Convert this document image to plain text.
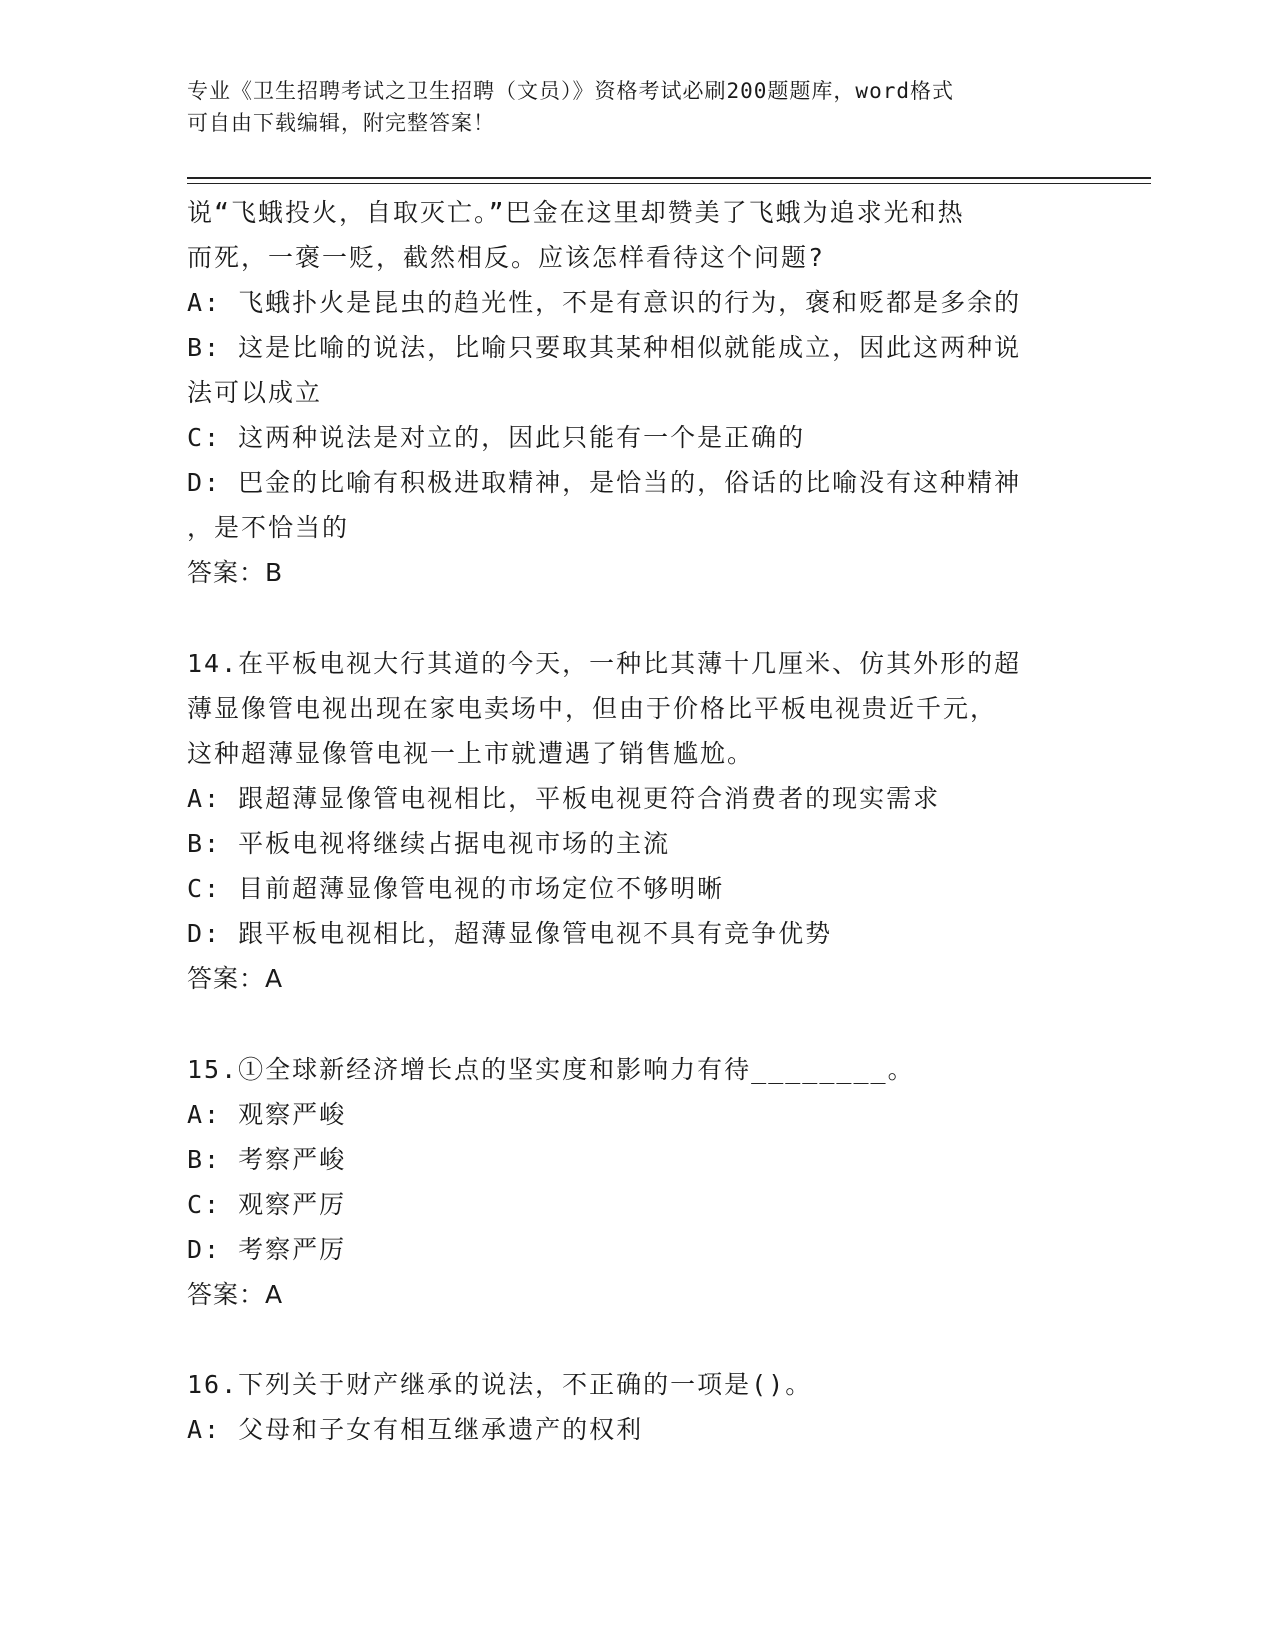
专业《卫生招聘考试之卫生招聘（文员）》资格考试必刷200题题库，word格式
可自由下载编辑，附完整答案！
说“飞蛾投火，自取灭亡。”巴金在这里却赞美了飞蛾为追求光和热
而死，一褒一贬，截然相反。应该怎样看待这个问题?
A: 飞蛾扑火是昆虫的趋光性，不是有意识的行为，褒和贬都是多余的
B: 这是比喻的说法，比喻只要取其某种相似就能成立，因此这两种说
法可以成立
C: 这两种说法是对立的，因此只能有一个是正确的
D: 巴金的比喻有积极进取精神，是恰当的，俗话的比喻没有这种精神
，是不恰当的
答案：B
14.在平板电视大行其道的今天，一种比其薄十几厘米、仿其外形的超
薄显像管电视出现在家电卖场中，但由于价格比平板电视贵近千元，
这种超薄显像管电视一上市就遭遇了销售尴尬。
A: 跟超薄显像管电视相比，平板电视更符合消费者的现实需求
B: 平板电视将继续占据电视市场的主流
C: 目前超薄显像管电视的市场定位不够明晰
D: 跟平板电视相比，超薄显像管电视不具有竞争优势
答案：A
15.①全球新经济增长点的坚实度和影响力有待________。
A: 观察严峻
B: 考察严峻
C: 观察严厉
D: 考察严厉
答案：A
16.下列关于财产继承的说法，不正确的一项是()。
A: 父母和子女有相互继承遗产的权利
